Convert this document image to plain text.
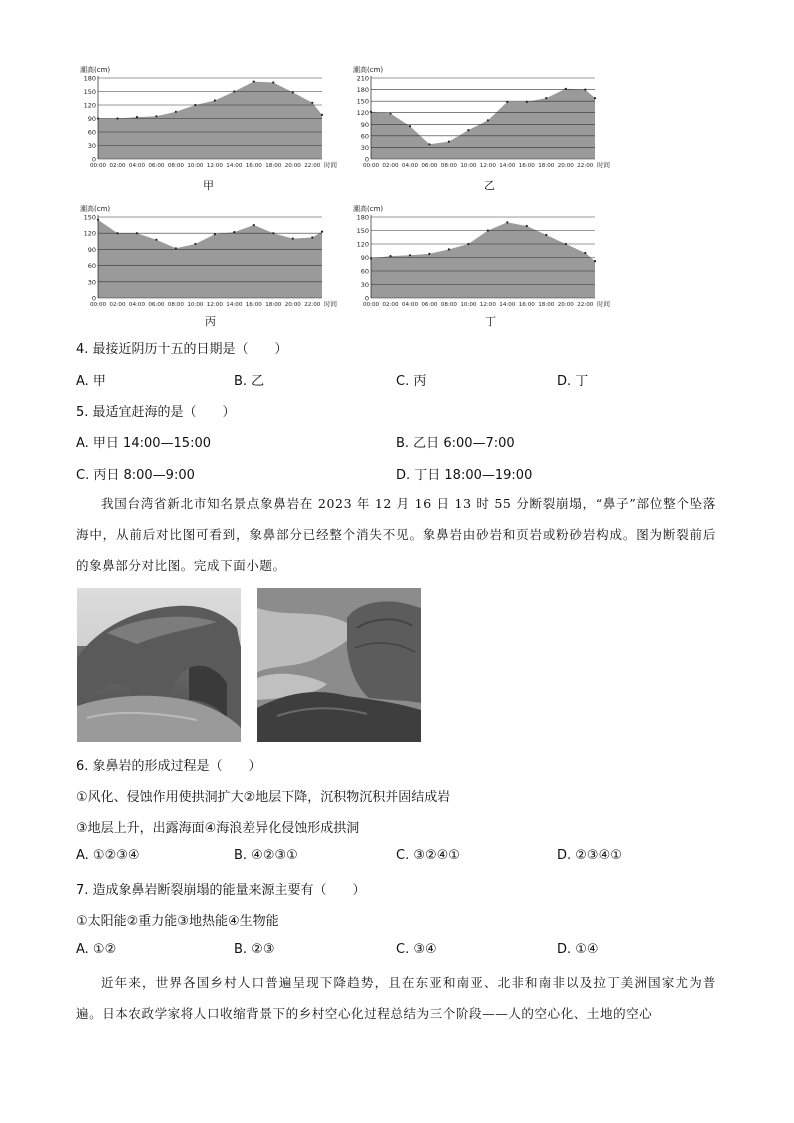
0
30
60
90
120
150
180
00:00 02:00 04:00 06:00 08:00 10:00 12:00 14:00 16:00 18:00 20:00 22:00
潮高(cm)
时间
甲
0
30
60
90
120
150
180
210
00:00 02:00 04:00 06:00 08:00 10:00 12:00 14:00 16:00 18:00 20:00 22:00
潮高(cm)
时间
乙
0
30
60
90
120
150
00:00 02:00 04:00 06:00 08:00 10:00 12:00 14:00 16:00 18:00 20:00 22:00
潮高(cm)
时间
丙
0
30
60
90
120
150
180
00:00 02:00 04:00 06:00 08:00 10:00 12:00 14:00 16:00 18:00 20:00 22:00
潮高(cm)
时间
丁
4. 最接近阴历十五的日期是（　　）
A. 甲	B. 乙	C. 丙	D. 丁
5. 最适宜赶海的是（　　）
A. 甲日 14:00—15:00	B. 乙日 6:00—7:00
C. 丙日 8:00—9:00	D. 丁日 18:00—19:00
我国台湾省新北市知名景点象鼻岩在 2023 年 12 月 16 日 13 时 55 分断裂崩塌，“鼻子”部位整个坠落海中，从前后对比图可看到，象鼻部分已经整个消失不见。象鼻岩由砂岩和页岩或粉砂岩构成。图为断裂前后的象鼻部分对比图。完成下面小题。
6. 象鼻岩的形成过程是（　　）
①风化、侵蚀作用使拱洞扩大②地层下降，沉积物沉积并固结成岩
③地层上升，出露海面④海浪差异化侵蚀形成拱洞
A. ①②③④	B. ④②③①	C. ③②④①	D. ②③④①
7. 造成象鼻岩断裂崩塌的能量来源主要有（　　）
①太阳能②重力能③地热能④生物能
A. ①②	B. ②③	C. ③④	D. ①④
近年来，世界各国乡村人口普遍呈现下降趋势，且在东亚和南亚、北非和南非以及拉丁美洲国家尤为普遍。日本农政学家将人口收缩背景下的乡村空心化过程总结为三个阶段——人的空心化、土地的空心
